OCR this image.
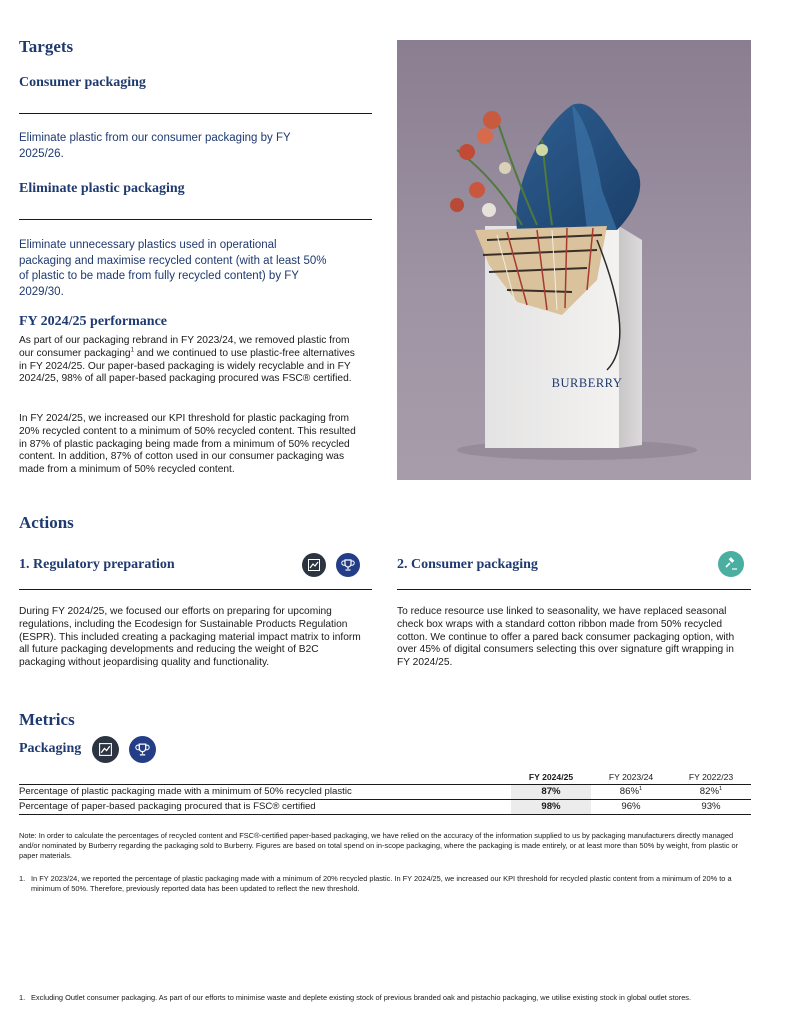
Targets
Consumer packaging

Eliminate plastic from our consumer packaging by FY 2025/26.

Eliminate plastic packaging

Eliminate unnecessary plastics used in operational packaging and maximise recycled content (with at least 50% of plastic to be made from fully recycled content) by FY 2029/30.

FY 2024/25 performance

As part of our packaging rebrand in FY 2023/24, we removed plastic from our consumer packaging$^1$ and we continued to use plastic-free alternatives in FY 2024/25. Our paper-based packaging is widely recyclable and in FY 2024/25, 98% of all paper-based packaging procured was FSC® certified.

In FY 2024/25, we increased our KPI threshold for plastic packaging from 20% recycled content to a minimum of 50% recycled content. This resulted in 87% of plastic packaging being made from a minimum of 50% recycled content. In addition, 87% of cotton used in our consumer packaging was made from a minimum of 50% recycled content.

BURBERRY
Actions
1. Regulatory preparation

During FY 2024/25, we focused our efforts on preparing for upcoming regulations, including the Ecodesign for Sustainable Products Regulation (ESPR). This included creating a packaging material impact matrix to inform all future packaging developments and reducing the weight of B2C packaging without jeopardising quality and functionality.

2. Consumer packaging

To reduce resource use linked to seasonality, we have replaced seasonal check box wraps with a standard cotton ribbon made from 50% recycled cotton. We continue to offer a pared back consumer packaging option, with over 45% of digital consumers selecting this over signature gift wrapping in FY 2024/25.

Metrics
Packaging
	FY 2024/25	FY 2023/24	FY 2022/23
Percentage of plastic packaging made with a minimum of 50% recycled plastic	87%	86%$^1$	82%$^1$
Percentage of paper-based packaging procured that is FSC® certified	98%	96%	93%

Note: In order to calculate the percentages of recycled content and FSC®-certified paper-based packaging, we have relied on the accuracy of the information supplied to us by packaging manufacturers directly managed and/or nominated by Burberry regarding the packaging sold to Burberry. Figures are based on total spend on in-scope packaging, where the packaging is made entirely, or at least more than 50% by weight, from plastic or paper materials.

1. In FY 2023/24, we reported the percentage of plastic packaging made with a minimum of 20% recycled plastic. In FY 2024/25, we increased our KPI threshold for recycled plastic content from a minimum of 20% to a minimum of 50%. Therefore, previously reported data has been updated to reflect the new threshold.
1. Excluding Outlet consumer packaging. As part of our efforts to minimise waste and deplete existing stock of previous branded oak and pistachio packaging, we utilise existing stock in global outlet stores.
